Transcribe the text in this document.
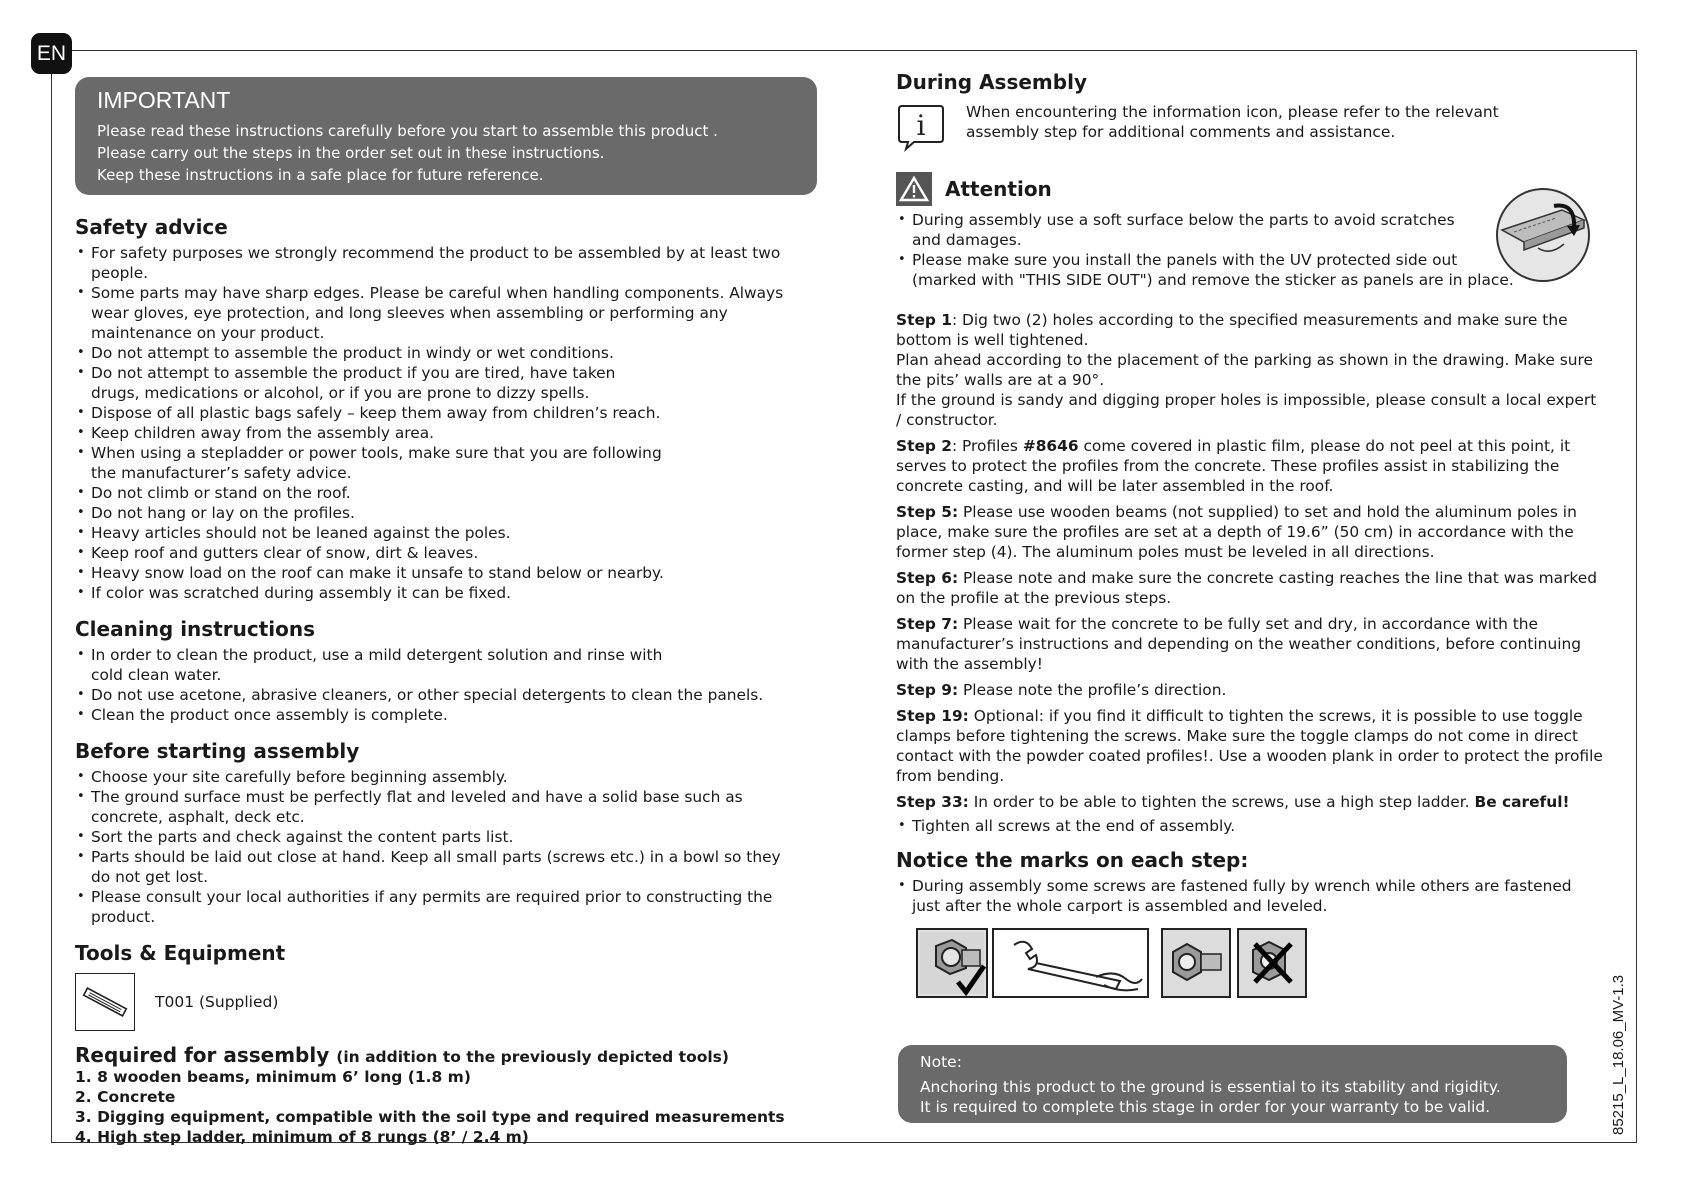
EN
IMPORTANT

Please read these instructions carefully before you start to assemble this product .

Please carry out the steps in the order set out in these instructions.

Keep these instructions in a safe place for future reference.

Safety advice
• For safety purposes we strongly recommend the product to be assembled by at least two people.
• Some parts may have sharp edges. Please be careful when handling components. Always wear gloves, eye protection, and long sleeves when assembling or performing any maintenance on your product.
• Do not attempt to assemble the product in windy or wet conditions.
• Do not attempt to assemble the product if you are tired, have taken drugs, medications or alcohol, or if you are prone to dizzy spells.
• Dispose of all plastic bags safely – keep them away from children’s reach.
• Keep children away from the assembly area.
• When using a stepladder or power tools, make sure that you are following the manufacturer’s safety advice.
• Do not climb or stand on the roof.
• Do not hang or lay on the profiles.
• Heavy articles should not be leaned against the poles.
• Keep roof and gutters clear of snow, dirt & leaves.
• Heavy snow load on the roof can make it unsafe to stand below or nearby.
• If color was scratched during assembly it can be fixed.
Cleaning instructions
• In order to clean the product, use a mild detergent solution and rinse with cold clean water.
• Do not use acetone, abrasive cleaners, or other special detergents to clean the panels.
• Clean the product once assembly is complete.
Before starting assembly
• Choose your site carefully before beginning assembly.
• The ground surface must be perfectly flat and leveled and have a solid base such as concrete, asphalt, deck etc.
• Sort the parts and check against the content parts list.
• Parts should be laid out close at hand. Keep all small parts (screws etc.) in a bowl so they do not get lost.
• Please consult your local authorities if any permits are required prior to constructing the product.
Tools & Equipment
T001 (Supplied)
Required for assembly (in addition to the previously depicted tools)
1. 8 wooden beams, minimum 6’ long (1.8 m)
2. Concrete
3. Digging equipment, compatible with the soil type and required measurements
4. High step ladder, minimum of 8 rungs (8’ / 2.4 m)
During Assembly
i	When encountering the information icon, please refer to the relevant
assembly step for additional comments and assistance.
Attention
• During assembly use a soft surface below the parts to avoid scratches and damages.
• Please make sure you install the panels with the UV protected side out (marked with "THIS SIDE OUT") and remove the sticker as panels are in place.
Step 1: Dig two (2) holes according to the specified measurements and make sure the bottom is well tightened.
Plan ahead according to the placement of the parking as shown in the drawing. Make sure the pits’ walls are at a 90°.
If the ground is sandy and digging proper holes is impossible, please consult a local expert / constructor.
Step 2: Profiles #8646 come covered in plastic film, please do not peel at this point, it serves to protect the profiles from the concrete. These profiles assist in stabilizing the concrete casting, and will be later assembled in the roof.
Step 5: Please use wooden beams (not supplied) to set and hold the aluminum poles in place, make sure the profiles are set at a depth of 19.6” (50 cm) in accordance with the former step (4). The aluminum poles must be leveled in all directions.
Step 6: Please note and make sure the concrete casting reaches the line that was marked on the profile at the previous steps.
Step 7: Please wait for the concrete to be fully set and dry, in accordance with the manufacturer’s instructions and depending on the weather conditions, before continuing with the assembly!
Step 9: Please note the profile’s direction.
Step 19: Optional: if you find it difficult to tighten the screws, it is possible to use toggle clamps before tightening the screws. Make sure the toggle clamps do not come in direct contact with the powder coated profiles!. Use a wooden plank in order to protect the profile from bending.
Step 33: In order to be able to tighten the screws, use a high step ladder. Be careful!
• Tighten all screws at the end of assembly.
Notice the marks on each step:
• During assembly some screws are fastened fully by wrench while others are fastened just after the whole carport is assembled and leveled.
Note:

Anchoring this product to the ground is essential to its stability and rigidity.

It is required to complete this stage in order for your warranty to be valid.	85215_L_18.06_MV-1.3
